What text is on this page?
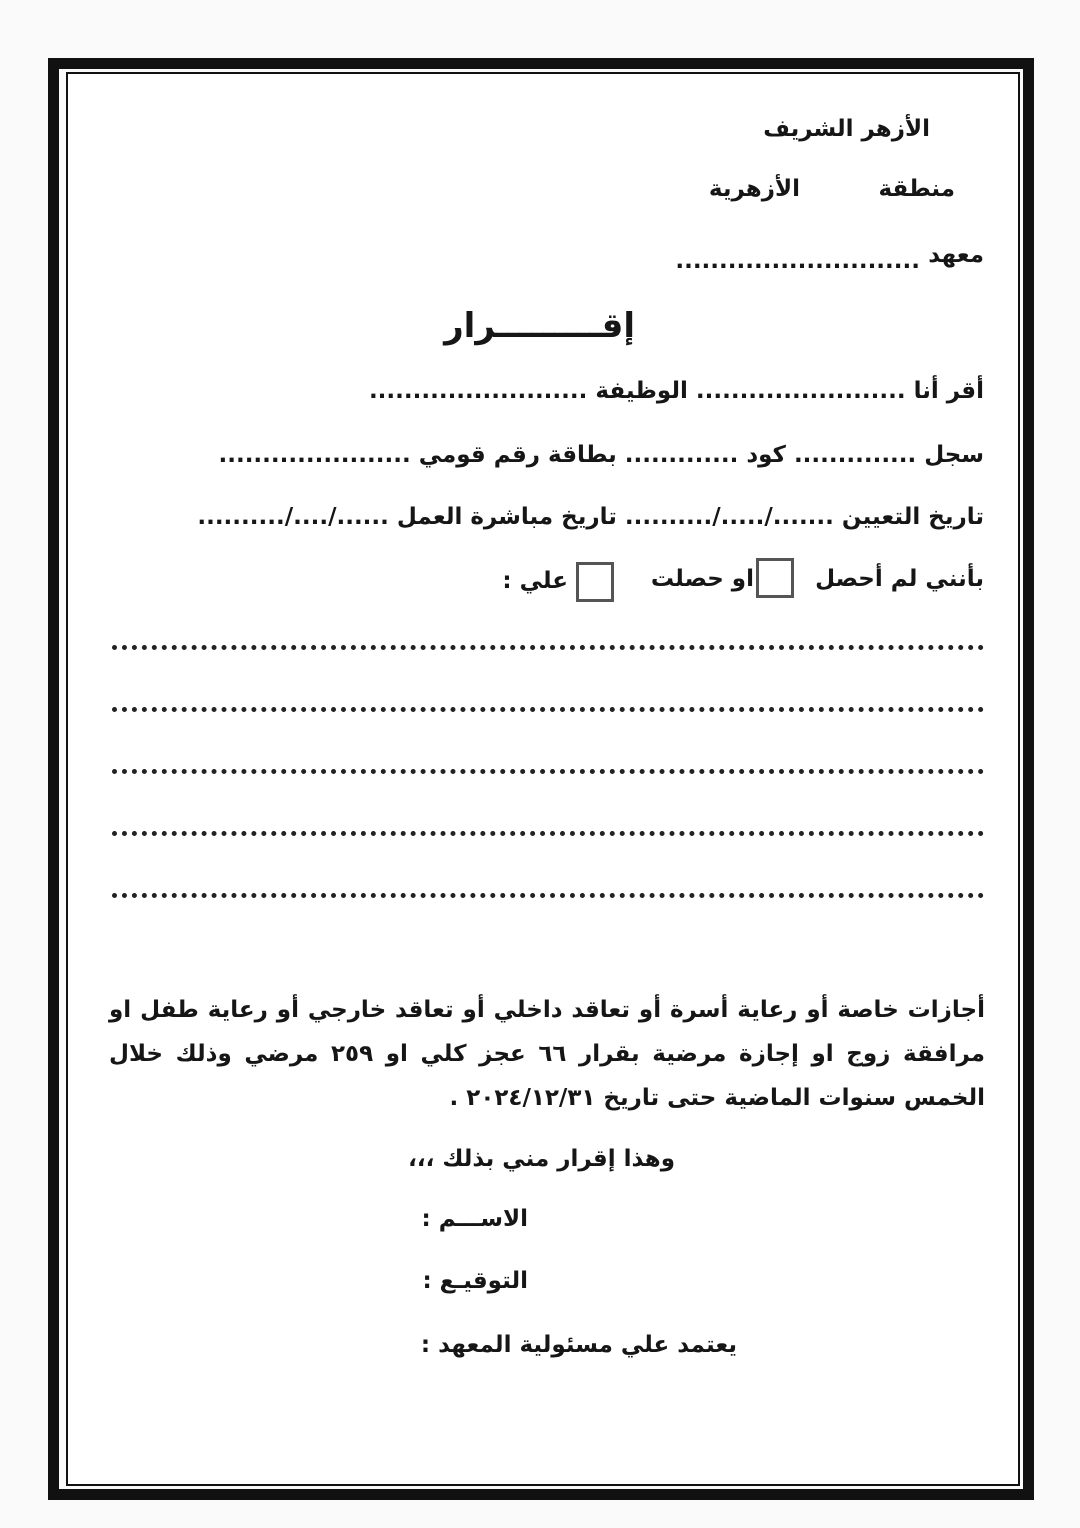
الأزهر الشريف
منطقة
الأزهرية
معهد
............................
إقـــــــــرار
أقر أنا ........................ الوظيفة .........................
سجل .............. كود ............. بطاقة رقم قومي ......................
تاريخ التعيين ......./...../.......... تاريخ مباشرة العمل ....../..../..........
بأنني لم أحصل
او حصلت
علي :
أجازات خاصة أو رعاية أسرة أو تعاقد داخلي أو تعاقد خارجي أو رعاية طفل او مرافقة زوج او إجازة مرضية بقرار ٦٦ عجز كلي او ٢٥٩ مرضي وذلك خلال الخمس سنوات الماضية حتى تاريخ ٢٠٢٤/١٢/٣١ .
وهذا إقرار مني بذلك ،،،
الاســـم :
التوقيـع :
يعتمد علي مسئولية المعهد :
